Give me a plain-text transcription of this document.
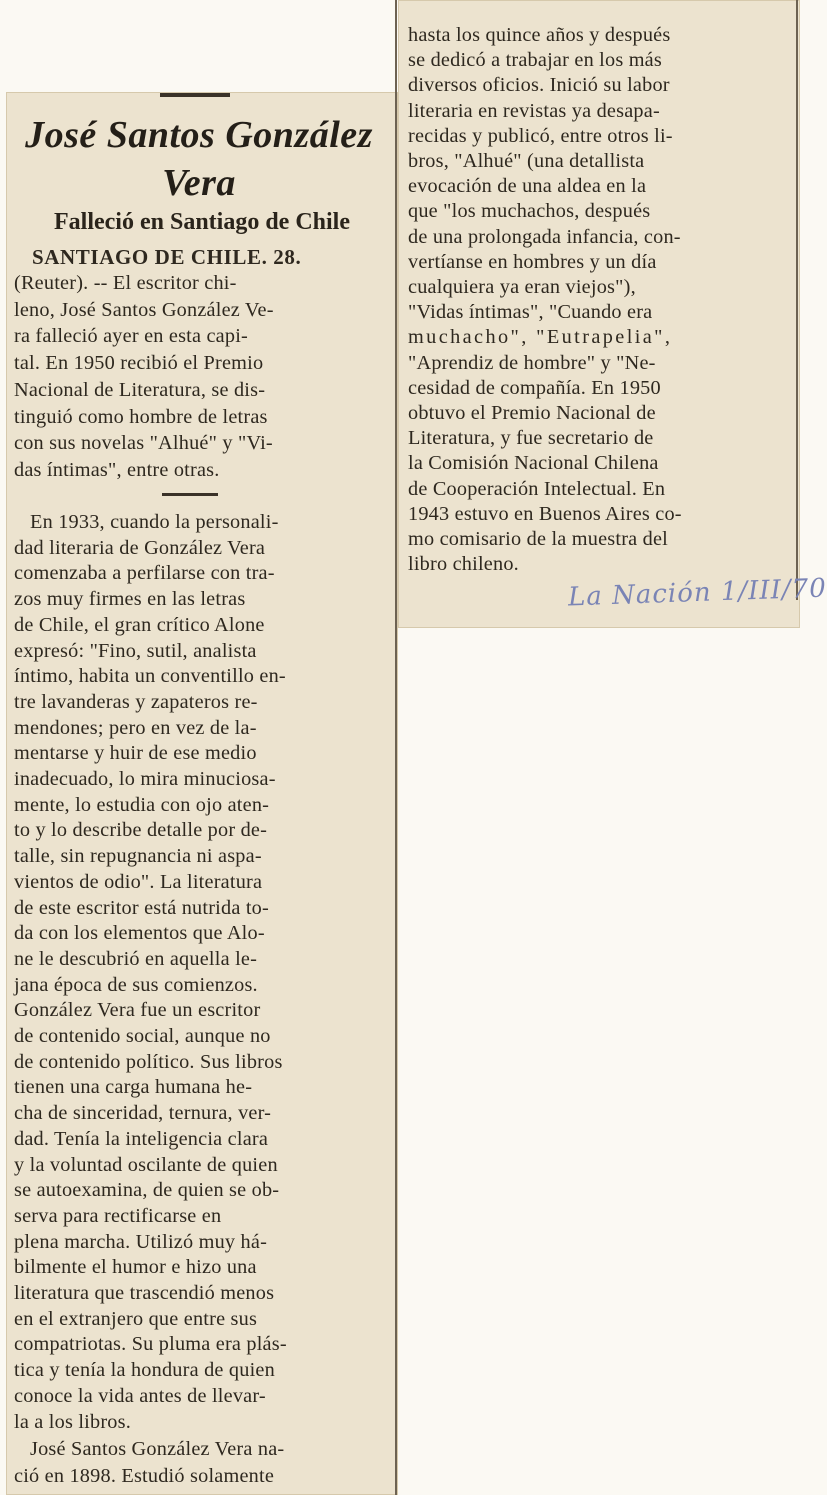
José Santos González
Vera
Falleció en Santiago de Chile
SANTIAGO DE CHILE. 28.
(Reuter). -- El escritor chi-
leno, José Santos González Ve-
ra falleció ayer en esta capi-
tal. En 1950 recibió el Premio
Nacional de Literatura, se dis-
tinguió como hombre de letras
con sus novelas "Alhué" y "Vi-
das íntimas", entre otras.
En 1933, cuando la personali-
dad literaria de González Vera
comenzaba a perfilarse con tra-
zos muy firmes en las letras
de Chile, el gran crítico Alone
expresó: "Fino, sutil, analista
íntimo, habita un conventillo en-
tre lavanderas y zapateros re-
mendones; pero en vez de la-
mentarse y huir de ese medio
inadecuado, lo mira minuciosa-
mente, lo estudia con ojo aten-
to y lo describe detalle por de-
talle, sin repugnancia ni aspa-
vientos de odio". La literatura
de este escritor está nutrida to-
da con los elementos que Alo-
ne le descubrió en aquella le-
jana época de sus comienzos.
González Vera fue un escritor
de contenido social, aunque no
de contenido político. Sus libros
tienen una carga humana he-
cha de sinceridad, ternura, ver-
dad. Tenía la inteligencia clara
y la voluntad oscilante de quien
se autoexamina, de quien se ob-
serva para rectificarse en
plena marcha. Utilizó muy há-
bilmente el humor e hizo una
literatura que trascendió menos
en el extranjero que entre sus
compatriotas. Su pluma era plás-
tica y tenía la hondura de quien
conoce la vida antes de llevar-
la a los libros.
José Santos González Vera na-
ció en 1898. Estudió solamente
hasta los quince años y después
se dedicó a trabajar en los más
diversos oficios. Inició su labor
literaria en revistas ya desapa-
recidas y publicó, entre otros li-
bros, "Alhué" (una detallista
evocación de una aldea en la
que "los muchachos, después
de una prolongada infancia, con-
vertíanse en hombres y un día
cualquiera ya eran viejos"),
"Vidas íntimas", "Cuando era
muchacho", "Eutrapelia",
"Aprendiz de hombre" y "Ne-
cesidad de compañía. En 1950
obtuvo el Premio Nacional de
Literatura, y fue secretario de
la Comisión Nacional Chilena
de Cooperación Intelectual. En
1943 estuvo en Buenos Aires co-
mo comisario de la muestra del
libro chileno.
La Nación 1/III/70
